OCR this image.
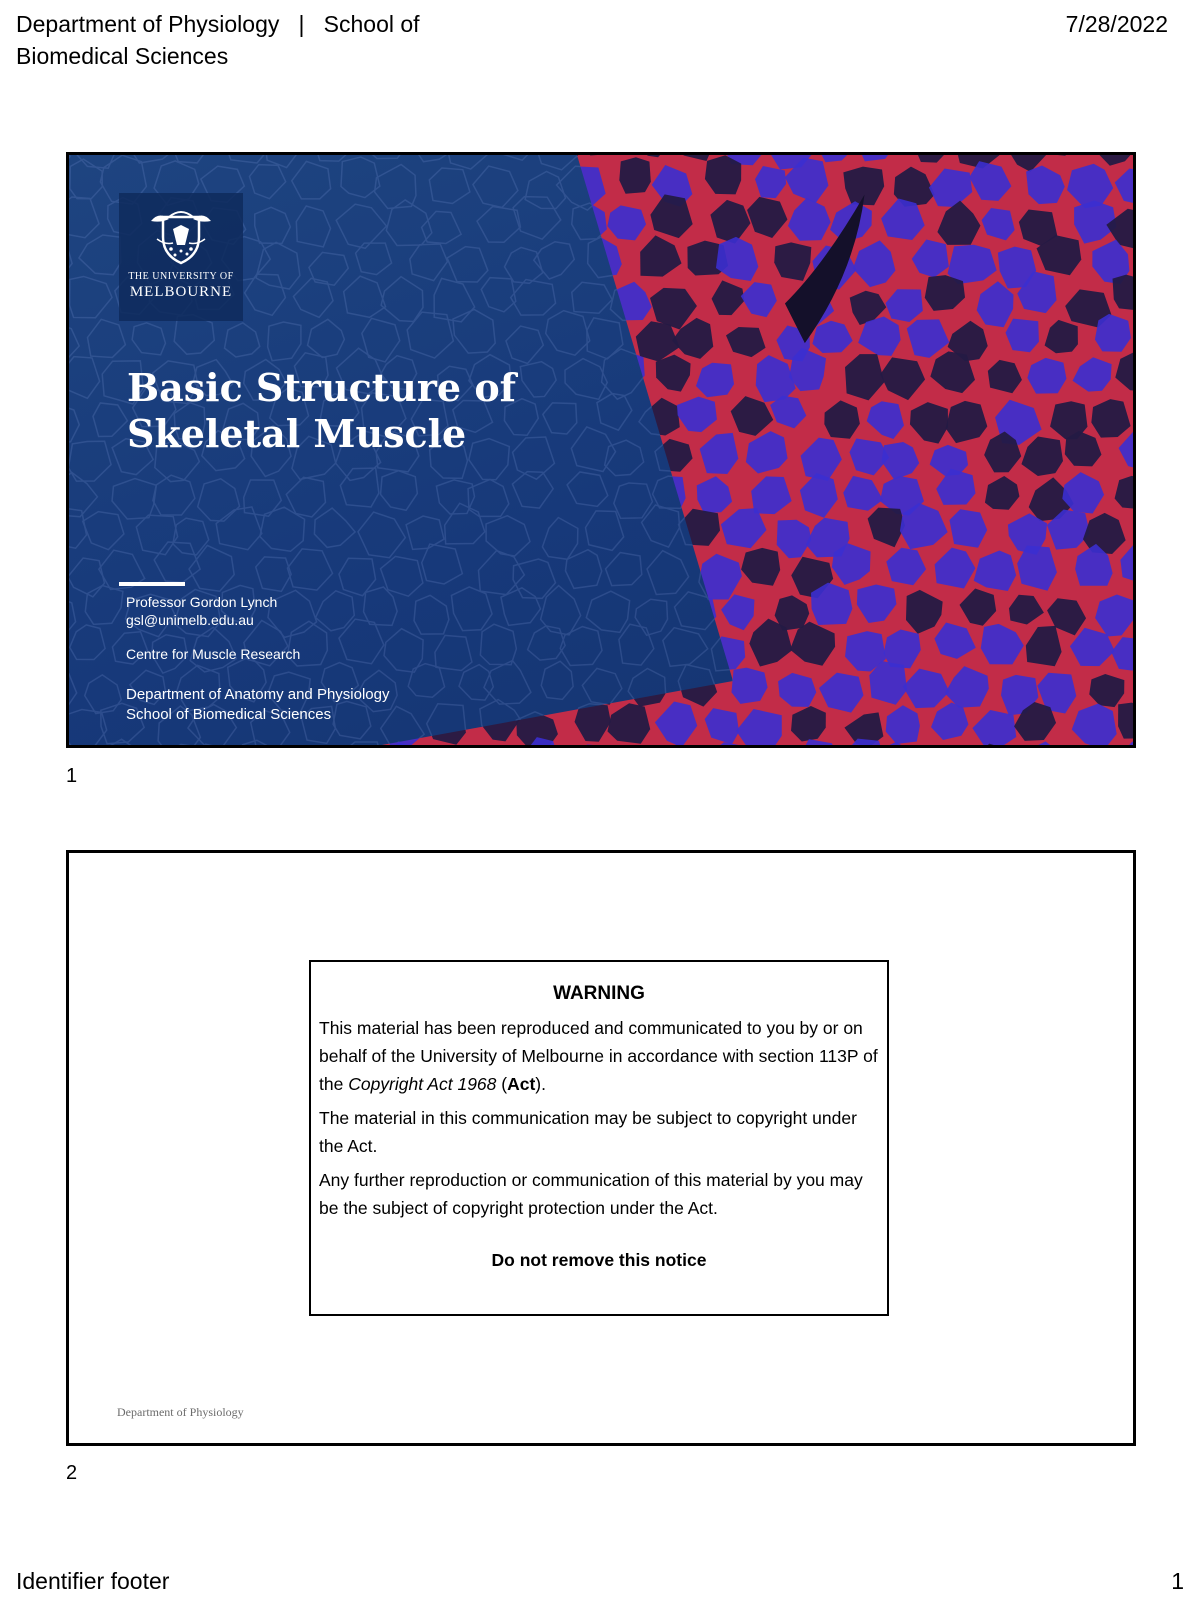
Department of Physiology   |   School of
Biomedical Sciences
7/28/2022
THE UNIVERSITY OF
MELBOURNE
Basic Structure of
Skeletal Muscle
Professor Gordon Lynch
gsl@unimelb.edu.au
Centre for Muscle Research
Department of Anatomy and Physiology
School of Biomedical Sciences
1
WARNING

This material has been reproduced and communicated to you by or on behalf of the University of Melbourne in accordance with section 113P of the Copyright Act 1968 (Act).

The material in this communication may be subject to copyright under the Act.

Any further reproduction or communication of this material by you may be the subject of copyright protection under the Act.

Do not remove this notice
Department of Physiology
2
Identifier footer	1
